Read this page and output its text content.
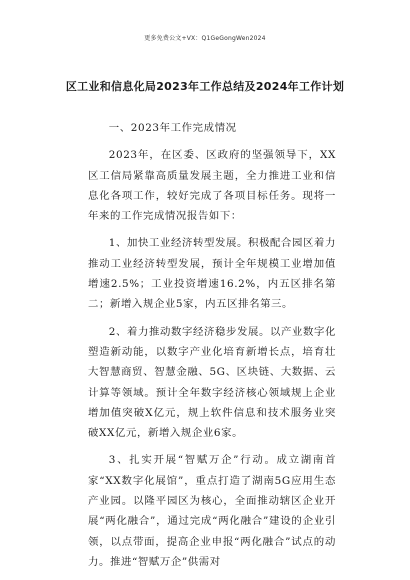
更多免费公文+VX：Q1GeGongWen2024
区工业和信息化局2023年工作总结及2024年工作计划

一、2023年工作完成情况

2023年，在区委、区政府的坚强领导下，XX区工信局紧靠高质量发展主题，全力推进工业和信息化各项工作，较好完成了各项目标任务。现将一年来的工作完成情况报告如下：

1、加快工业经济转型发展。积极配合园区着力推动工业经济转型发展，预计全年规模工业增加值增速2.5%；工业投资增速16.2%，内五区排名第二；新增入规企业5家，内五区排名第三。

2、着力推动数字经济稳步发展。以产业数字化塑造新动能，以数字产业化培育新增长点，培育壮大智慧商贸、智慧金融、5G、区块链、大数据、云计算等领域。预计全年数字经济核心领域规上企业增加值突破X亿元，规上软件信息和技术服务业突破XX亿元，新增入规企业6家。

3、扎实开展“智赋万企”行动。成立湖南首家“XX数字化展馆”，重点打造了湖南5G应用生态产业园。以隆平园区为核心，全面推动辖区企业开展“两化融合”，通过完成“两化融合”建设的企业引领，以点带面，提高企业申报“两化融合”试点的动力。推进“智赋万企”供需对
